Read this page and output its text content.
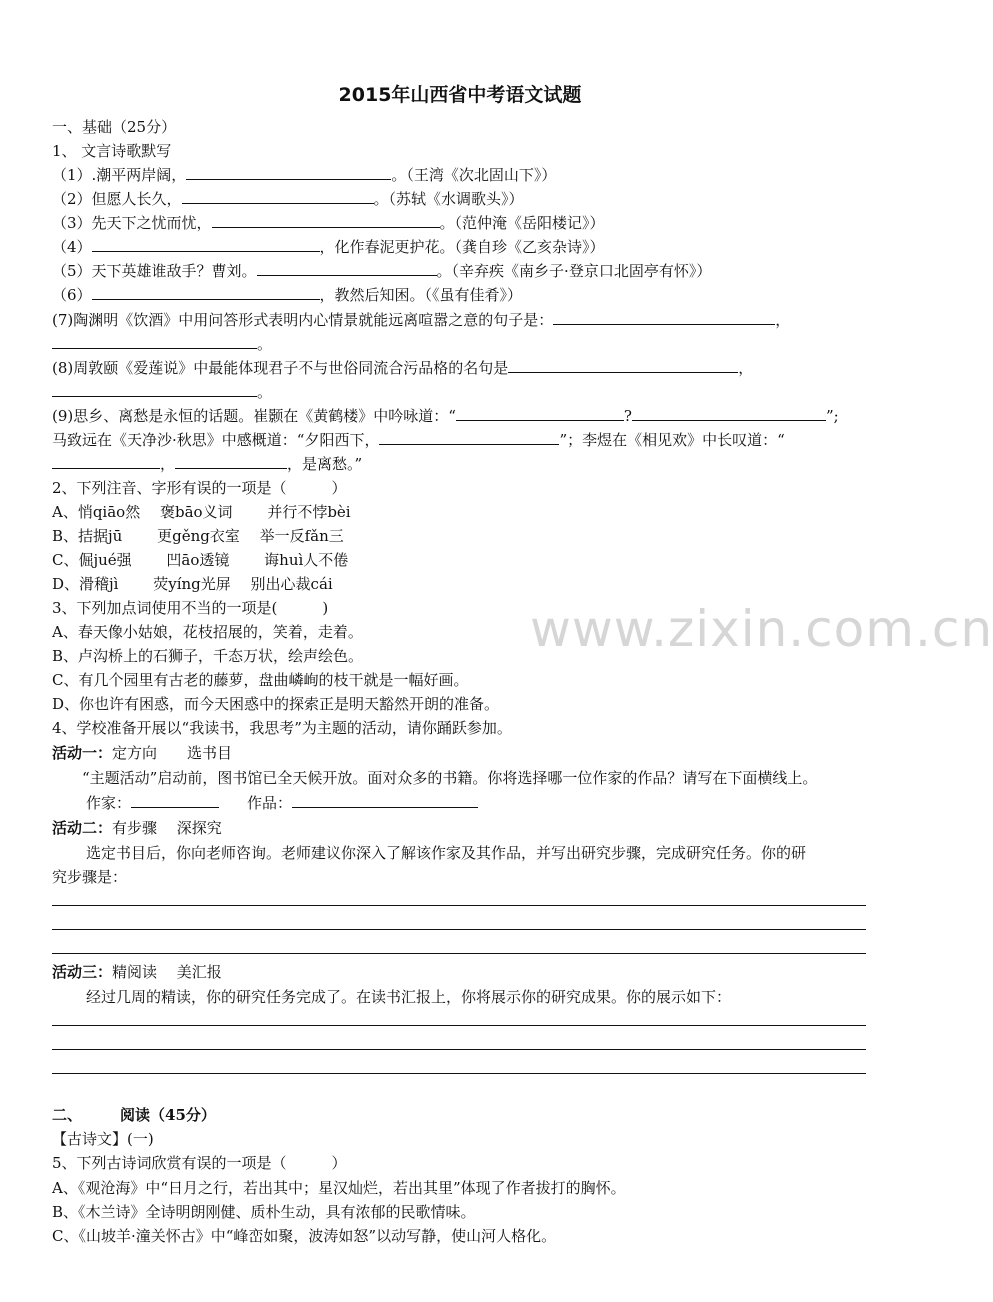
2015年山西省中考语文试题
一、基础（25分）
1、 文言诗歌默写
（1）.潮平两岸阔，	。（王湾《次北固山下》）
（2）但愿人长久，	。（苏轼《水调歌头》）
（3）先天下之忧而忧，	。（范仲淹《岳阳楼记》）
（4）	，化作春泥更护花。（龚自珍《乙亥杂诗》）
（5）天下英雄谁敌手？曹刘。	。（辛弃疾《南乡子·登京口北固亭有怀》）
（6）	，教然后知困。（《虽有佳肴》）
(7)陶渊明《饮酒》中用问答形式表明内心情景就能远离喧嚣之意的句子是：	，
。
(8)周敦颐《爱莲说》中最能体现君子不与世俗同流合污品格的名句是	，
。
(9)思乡、离愁是永恒的话题。崔颢在《黄鹤楼》中吟咏道：“	?	”;
马致远在《天净沙·秋思》中感概道：“夕阳西下，	”；李煜在《相见欢》中长叹道：“
，	，是离愁。”
2、下列注音、字形有误的一项是（　　　）
A、悄qiāo然　 褒bāo义词　　 并行不悖bèi
B、拮据jū　　 更gěng衣室　 举一反fǎn三
C、倔jué强　　 凹āo透镜　　 诲huì人不倦
D、滑稽jì　　 荧yíng光屏　 别出心裁cái
3、下列加点词使用不当的一项是(　　　)
A、春天像小姑娘，花枝招展的，笑着，走着。
B、卢沟桥上的石狮子，千态万状，绘声绘色。
C、有几个园里有古老的藤萝，盘曲嶙峋的枝干就是一幅好画。
D、你也许有困惑，而今天困惑中的探索正是明天豁然开朗的准备。
4、学校准备开展以“我读书，我思考”为主题的活动，请你踊跃参加。
活动一：定方向　　选书目
“主题活动”启动前，图书馆已全天候开放。面对众多的书籍。你将选择哪一位作家的作品？请写在下面横线上。
作家：	作品：
活动二：有步骤　 深探究
选定书目后，你向老师咨询。老师建议你深入了解该作家及其作品，并写出研究步骤，完成研究任务。你的研
究步骤是：
活动三：精阅读　 美汇报
经过几周的精读，你的研究任务完成了。在读书汇报上，你将展示你的研究成果。你的展示如下：
二、	阅读（45分）
【古诗文】(一)
5、下列古诗词欣赏有误的一项是（　　　）
A、《观沧海》中“日月之行，若出其中；星汉灿烂，若出其里”体现了作者拔打的胸怀。
B、《木兰诗》全诗明朗刚健、质朴生动，具有浓郁的民歌情味。
C、《山坡羊·潼关怀古》中“峰峦如聚，波涛如怒”以动写静，使山河人格化。
www.zixin.com.cn
